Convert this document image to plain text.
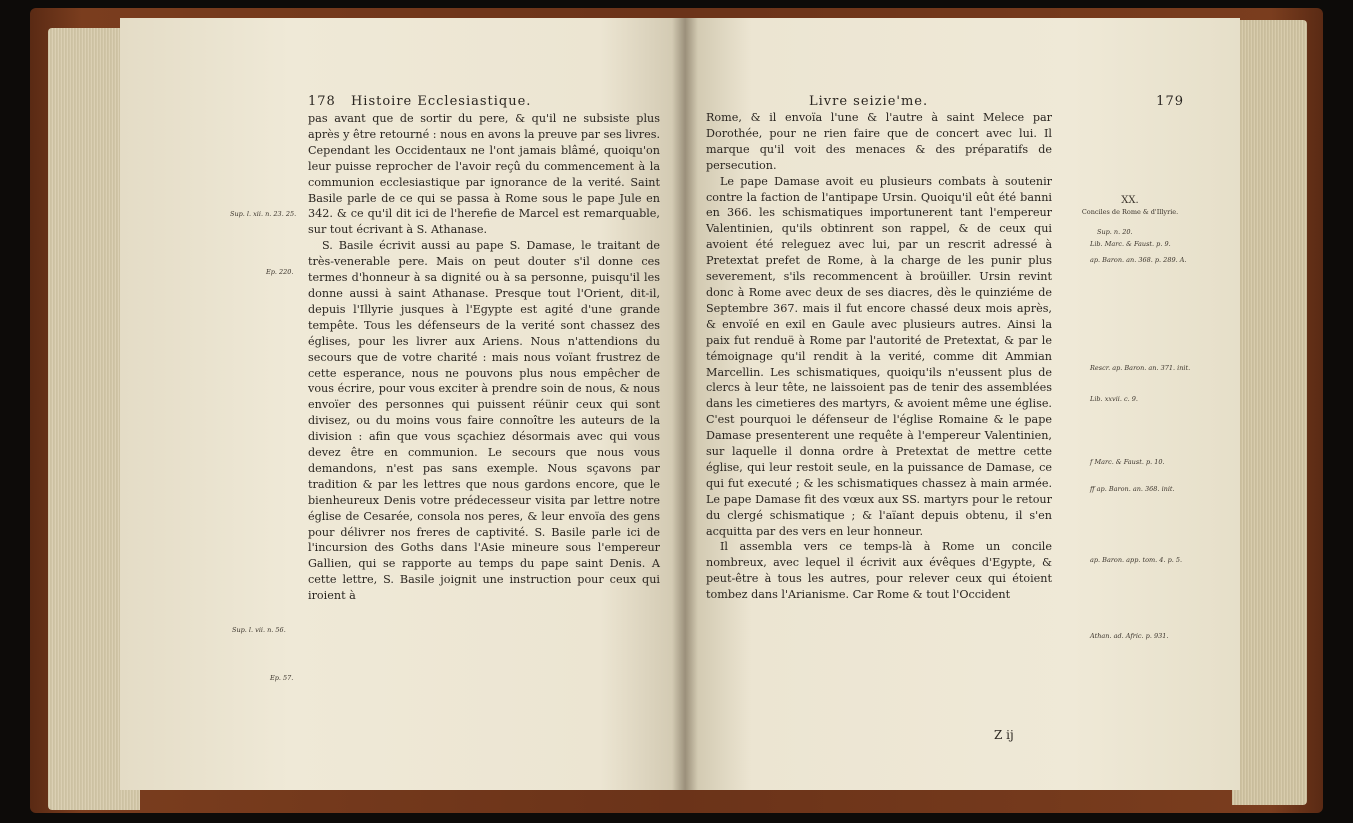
178 Histoire Ecclesiastique.

pas avant que de sortir du pere, & qu'il ne subsiste plus après y être retourné : nous en avons la preuve par ses livres. Cependant les Occidentaux ne l'ont jamais blâmé, quoiqu'on leur puisse reprocher de l'avoir reçû du commencement à la communion ecclesiastique par ignorance de la verité. Saint Basile parle de ce qui se passa à Rome sous le pape Jule en 342. & ce qu'il dit ici de l'herefie de Marcel est remarquable, sur tout écrivant à S. Athanase.

S. Basile écrivit aussi au pape S. Damase, le traitant de très-venerable pere. Mais on peut douter s'il donne ces termes d'honneur à sa dignité ou à sa personne, puisqu'il les donne aussi à saint Athanase. Presque tout l'Orient, dit-il, depuis l'Illyrie jusques à l'Egypte est agité d'une grande tempête. Tous les défenseurs de la verité sont chassez des églises, pour les livrer aux Ariens. Nous n'attendions du secours que de votre charité : mais nous voïant frustrez de cette esperance, nous ne pouvons plus nous empêcher de vous écrire, pour vous exciter à prendre soin de nous, & nous envoïer des personnes qui puissent réünir ceux qui sont divisez, ou du moins vous faire connoître les auteurs de la division : afin que vous sçachiez désormais avec qui vous devez être en communion. Le secours que nous vous demandons, n'est pas sans exemple. Nous sçavons par tradition & par les lettres que nous gardons encore, que le bienheureux Denis votre prédecesseur visita par lettre notre église de Cesarée, consola nos peres, & leur envoïa des gens pour délivrer nos freres de captivité. S. Basile parle ici de l'incursion des Goths dans l'Asie mineure sous l'empereur Gallien, qui se rapporte au temps du pape saint Denis. A cette lettre, S. Basile joignit une instruction pour ceux qui iroient à

Sup. l. xii. n. 23. 25.
Ep. 220.
Sup. l. vii. n. 56.
Ep. 57.
Livre seizie'me.	179

Rome, & il envoïa l'une & l'autre à saint Melece par Dorothée, pour ne rien faire que de concert avec lui. Il marque qu'il voit des menaces & des préparatifs de persecution.

Le pape Damase avoit eu plusieurs combats à soutenir contre la faction de l'antipape Ursin. Quoiqu'il eût été banni en 366. les schismatiques importunerent tant l'empereur Valentinien, qu'ils obtinrent son rappel, & de ceux qui avoient été releguez avec lui, par un rescrit adressé à Pretextat prefet de Rome, à la charge de les punir plus severement, s'ils recommencent à broüiller. Ursin revint donc à Rome avec deux de ses diacres, dès le quinziéme de Septembre 367. mais il fut encore chassé deux mois après, & envoïé en exil en Gaule avec plusieurs autres. Ainsi la paix fut renduë à Rome par l'autorité de Pretextat, & par le témoignage qu'il rendit à la verité, comme dit Ammian Marcellin. Les schismatiques, quoiqu'ils n'eussent plus de clercs à leur tête, ne laissoient pas de tenir des assemblées dans les cimetieres des martyrs, & avoient même une église. C'est pourquoi le défenseur de l'église Romaine & le pape Damase presenterent une requête à l'empereur Valentinien, sur laquelle il donna ordre à Pretextat de mettre cette église, qui leur restoit seule, en la puissance de Damase, ce qui fut executé ; & les schismatiques chassez à main armée. Le pape Damase fit des vœux aux SS. martyrs pour le retour du clergé schismatique ; & l'aïant depuis obtenu, il s'en acquitta par des vers en leur honneur.

Il assembla vers ce temps-là à Rome un concile nombreux, avec lequel il écrivit aux évêques d'Egypte, & peut-être à tous les autres, pour relever ceux qui étoient tombez dans l'Arianisme. Car Rome & tout l'Occident

XX.
Conciles de Rome & d'Illyrie.
Sup. n. 20.
Lib. Marc. & Faust. p. 9.
ap. Baron. an. 368. p. 289. A.
Rescr. ap. Baron. an. 371. init.
Lib. xxvii. c. 9.
f Marc. & Faust. p. 10.
ff ap. Baron. an. 368. init.
ap. Baron. app. tom. 4. p. 5.
Athan. ad. Afric. p. 931.
Z ij
